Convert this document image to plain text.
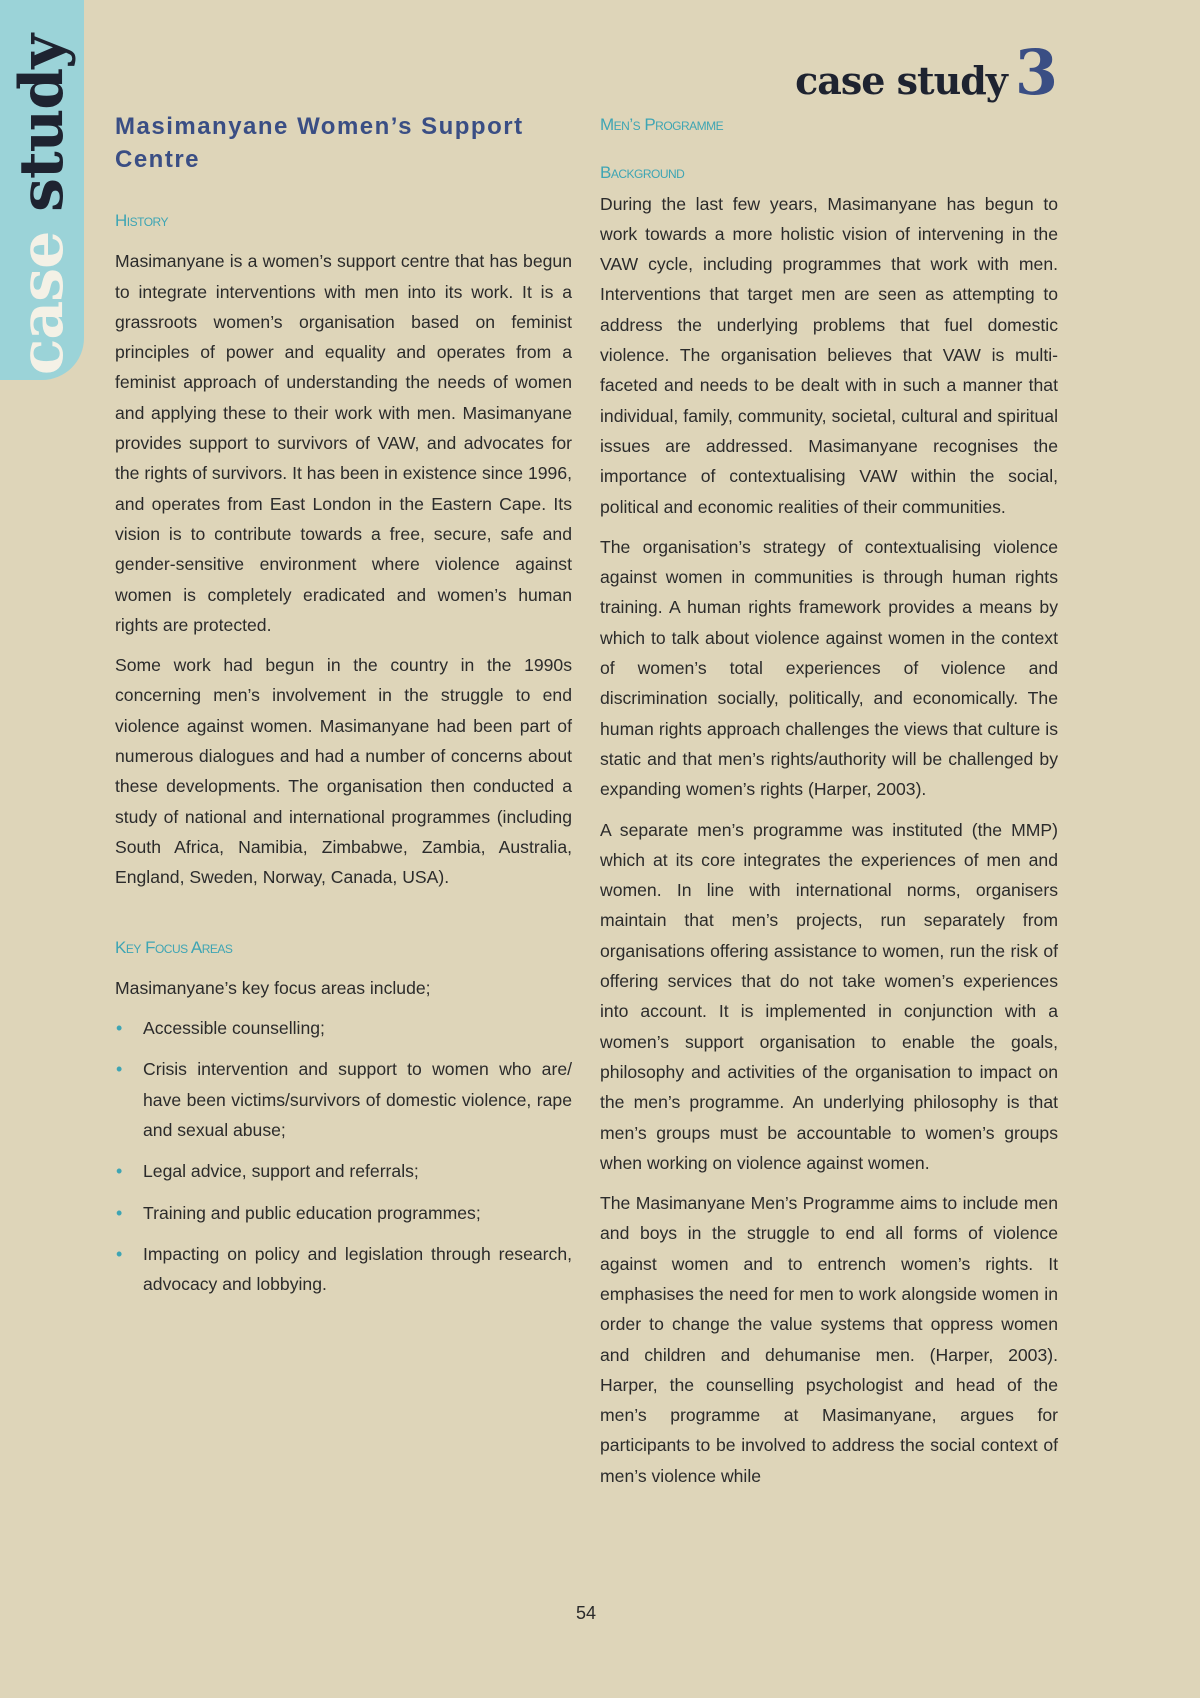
case study	case study 3
Masimanyane Women’s Support Centre
History

Masimanyane is a women’s support centre that has begun to integrate interventions with men into its work. It is a grassroots women’s organisation based on feminist principles of power and equality and operates from a feminist approach of understanding the needs of women and applying these to their work with men. Masimanyane provides support to survivors of VAW, and advocates for the rights of survivors. It has been in existence since 1996, and operates from East London in the Eastern Cape. Its vision is to contribute towards a free, secure, safe and gender-sensitive environment where violence against women is completely eradicated and women’s human rights are protected.

Some work had begun in the country in the 1990s concerning men’s involvement in the struggle to end violence against women. Masimanyane had been part of numerous dialogues and had a number of concerns about these developments. The organisation then conducted a study of national and international programmes (including South Africa, Namibia, Zimbabwe, Zambia, Australia, England, Sweden, Norway, Canada, USA).

Key Focus Areas

Masimanyane’s key focus areas include;

• Accessible counselling;
• Crisis intervention and support to women who are/ have been victims/survivors of domestic violence, rape and sexual abuse;
• Legal advice, support and referrals;
• Training and public education programmes;
• Impacting on policy and legislation through research, advocacy and lobbying.
Men’s Programme
Background

During the last few years, Masimanyane has begun to work towards a more holistic vision of intervening in the VAW cycle, including programmes that work with men. Interventions that target men are seen as attempting to address the underlying problems that fuel domestic violence. The organisation believes that VAW is multi-faceted and needs to be dealt with in such a manner that individual, family, community, societal, cultural and spiritual issues are addressed. Masimanyane recognises the importance of contextualising VAW within the social, political and economic realities of their communities.

The organisation’s strategy of contextualising violence against women in communities is through human rights training. A human rights framework provides a means by which to talk about violence against women in the context of women’s total experiences of violence and discrimination socially, politically, and economically. The human rights approach challenges the views that culture is static and that men’s rights/authority will be challenged by expanding women’s rights (Harper, 2003).

A separate men’s programme was instituted (the MMP) which at its core integrates the experiences of men and women. In line with international norms, organisers maintain that men’s projects, run separately from organisations offering assistance to women, run the risk of offering services that do not take women’s experiences into account. It is implemented in conjunction with a women’s support organisation to enable the goals, philosophy and activities of the organisation to impact on the men’s programme. An underlying philosophy is that men’s groups must be accountable to women’s groups when working on violence against women.

The Masimanyane Men’s Programme aims to include men and boys in the struggle to end all forms of violence against women and to entrench women’s rights. It emphasises the need for men to work alongside women in order to change the value systems that oppress women and children and dehumanise men. (Harper, 2003). Harper, the counselling psychologist and head of the men’s programme at Masimanyane, argues for participants to be involved to address the social context of men’s violence while

54
